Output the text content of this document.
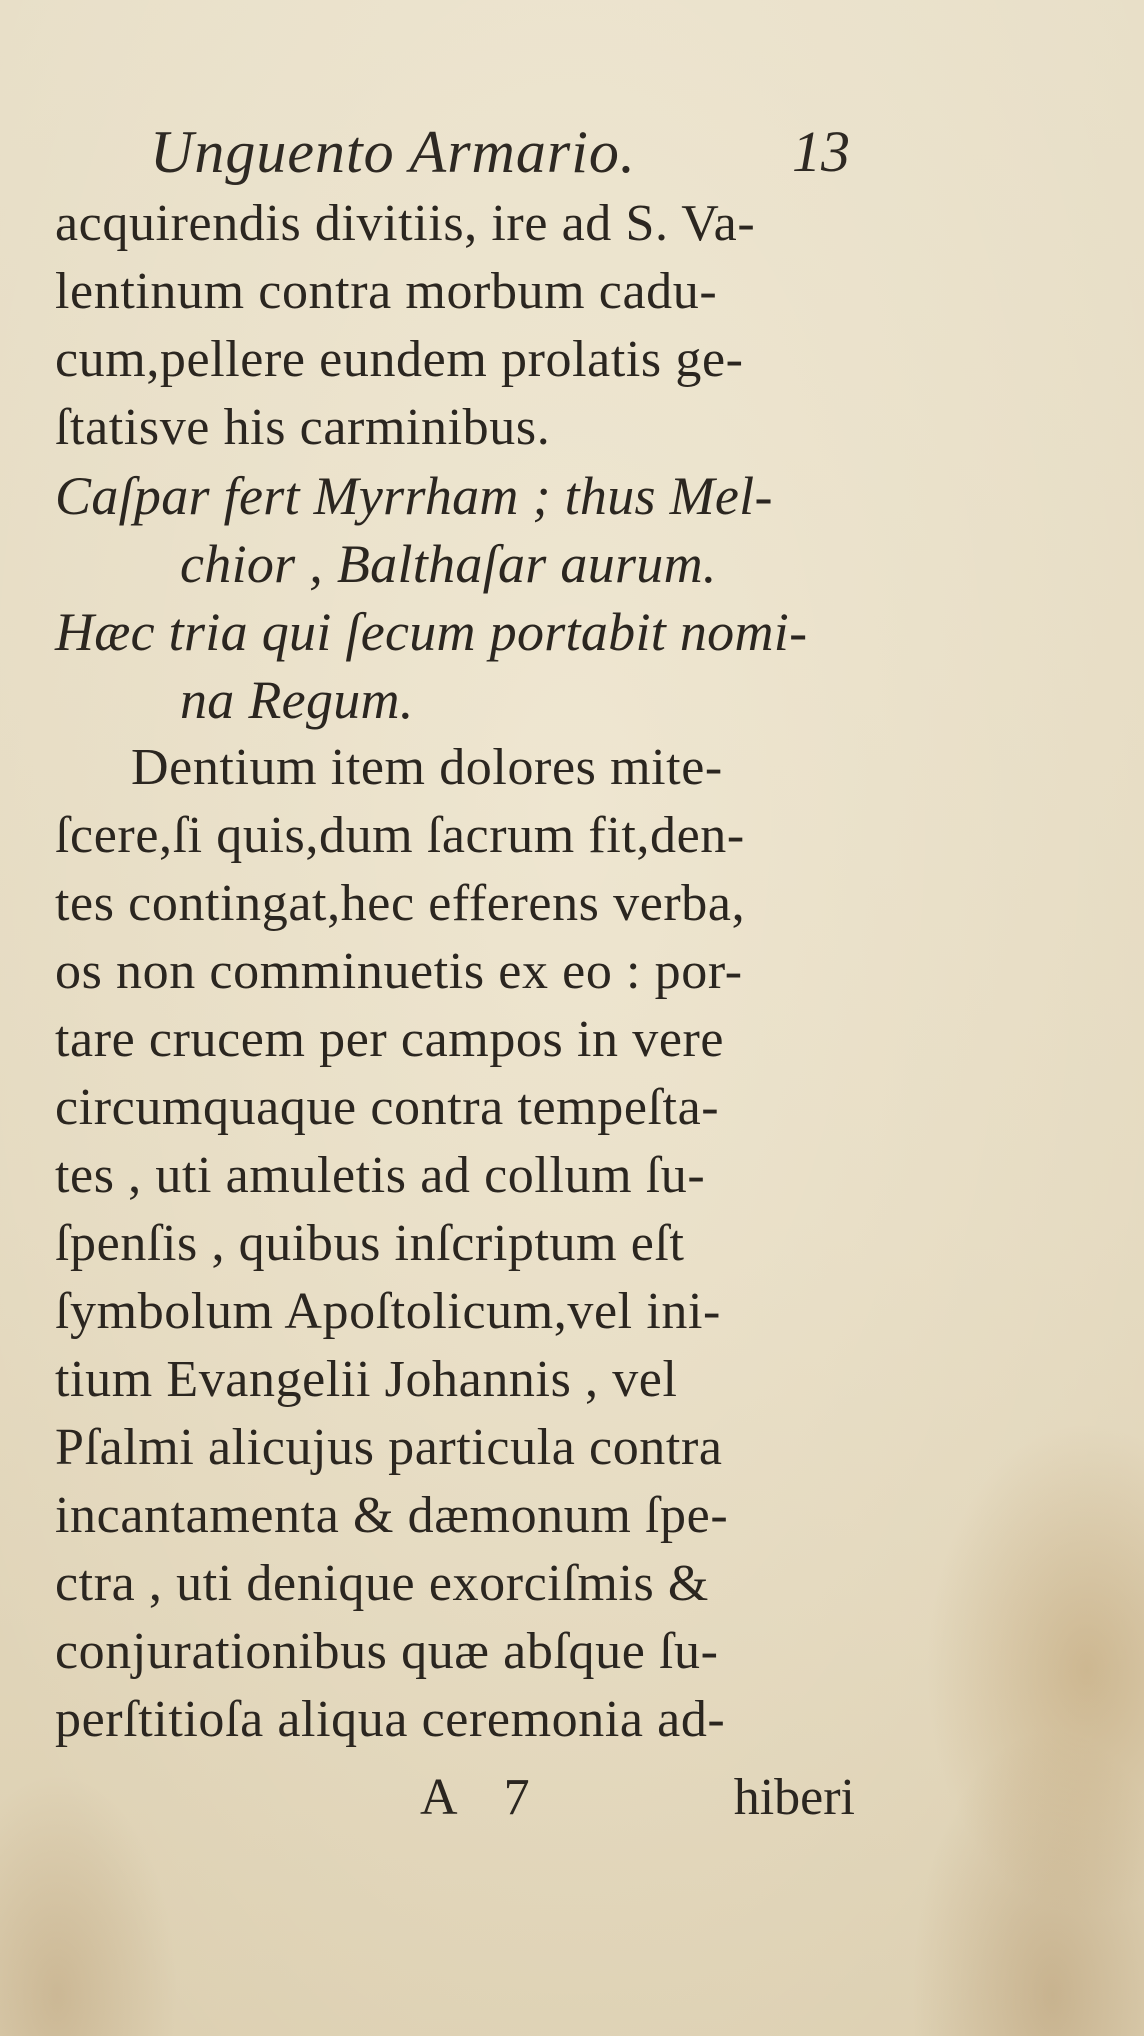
Unguento Armario.	13
acquirendis divitiis, ire ad S. Va-
lentinum contra morbum cadu-
cum,pellere eundem prolatis ge-
ſtatisve his carminibus.
Caſpar fert Myrrham ; thus Mel-
chior , Balthaſar aurum.
Hæc tria qui ſecum portabit nomi-
na Regum.
Dentium item dolores mite-
ſcere,ſi quis,dum ſacrum fit,den-
tes contingat,hec efferens verba,
os non comminuetis ex eo : por-
tare crucem per campos in vere
circumquaque contra tempeſta-
tes , uti amuletis ad collum ſu-
ſpenſis , quibus inſcriptum eſt
ſymbolum Apoſtolicum,vel ini-
tium Evangelii Johannis , vel
Pſalmi alicujus particula contra
incantamenta & dæmonum ſpe-
ctra , uti denique exorciſmis &
conjurationibus quæ abſque ſu-
perſtitioſa aliqua ceremonia ad-
A 7	hiberi
